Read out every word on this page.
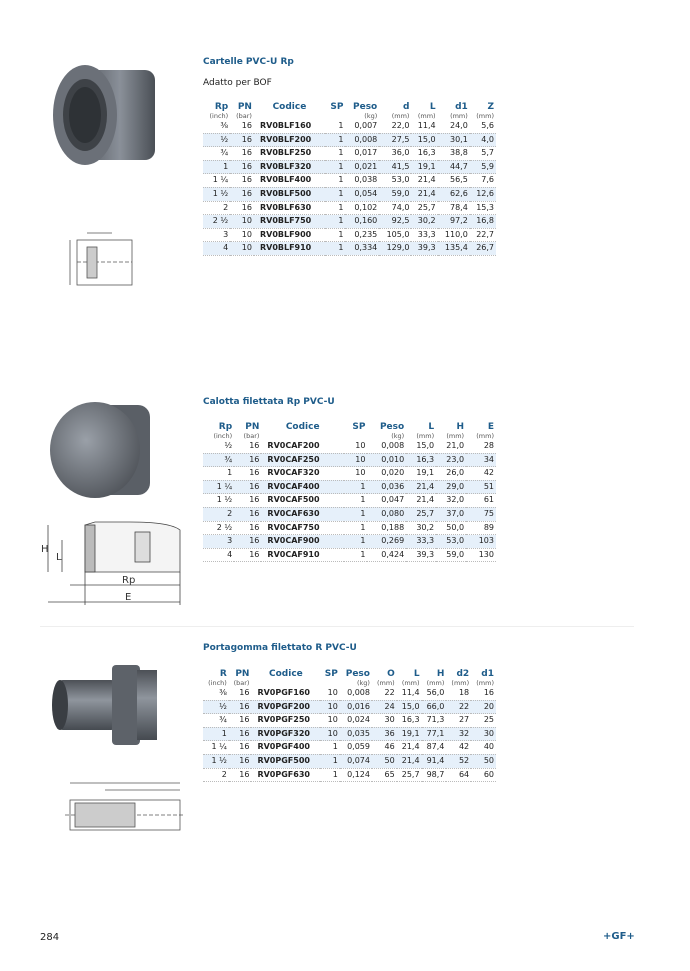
Cartelle PVC-U Rp
Adatto per BOF
Rp	PN	Codice	SP	Peso	d	L	d1	Z
(inch)	(bar)			(kg)	(mm)	(mm)	(mm)	(mm)
⅜	16	RV0BLF160	1	0,007	22,0	11,4	24,0	5,6
½	16	RV0BLF200	1	0,008	27,5	15,0	30,1	4,0
¾	16	RV0BLF250	1	0,017	36,0	16,3	38,8	5,7
1	16	RV0BLF320	1	0,021	41,5	19,1	44,7	5,9
1 ¼	16	RV0BLF400	1	0,038	53,0	21,4	56,5	7,6
1 ½	16	RV0BLF500	1	0,054	59,0	21,4	62,6	12,6
2	16	RV0BLF630	1	0,102	74,0	25,7	78,4	15,3
2 ½	10	RV0BLF750	1	0,160	92,5	30,2	97,2	16,8
3	10	RV0BLF900	1	0,235	105,0	33,3	110,0	22,7
4	10	RV0BLF910	1	0,334	129,0	39,3	135,4	26,7
H
L
Rp
E
Calotta filettata Rp PVC-U
Rp	PN	Codice	SP	Peso	L	H	E
(inch)	(bar)			(kg)	(mm)	(mm)	(mm)
½	16	RV0CAF200	10	0,008	15,0	21,0	28
¾	16	RV0CAF250	10	0,010	16,3	23,0	34
1	16	RV0CAF320	10	0,020	19,1	26,0	42
1 ¼	16	RV0CAF400	1	0,036	21,4	29,0	51
1 ½	16	RV0CAF500	1	0,047	21,4	32,0	61
2	16	RV0CAF630	1	0,080	25,7	37,0	75
2 ½	16	RV0CAF750	1	0,188	30,2	50,0	89
3	16	RV0CAF900	1	0,269	33,3	53,0	103
4	16	RV0CAF910	1	0,424	39,3	59,0	130
Portagomma filettato R PVC-U
R	PN	Codice	SP	Peso	O	L	H	d2	d1
(inch)	(bar)			(kg)	(mm)	(mm)	(mm)	(mm)	(mm)
⅜	16	RV0PGF160	10	0,008	22	11,4	56,0	18	16
½	16	RV0PGF200	10	0,016	24	15,0	66,0	22	20
¾	16	RV0PGF250	10	0,024	30	16,3	71,3	27	25
1	16	RV0PGF320	10	0,035	36	19,1	77,1	32	30
1 ¼	16	RV0PGF400	1	0,059	46	21,4	87,4	42	40
1 ½	16	RV0PGF500	1	0,074	50	21,4	91,4	52	50
2	16	RV0PGF630	1	0,124	65	25,7	98,7	64	60
284	+GF+
